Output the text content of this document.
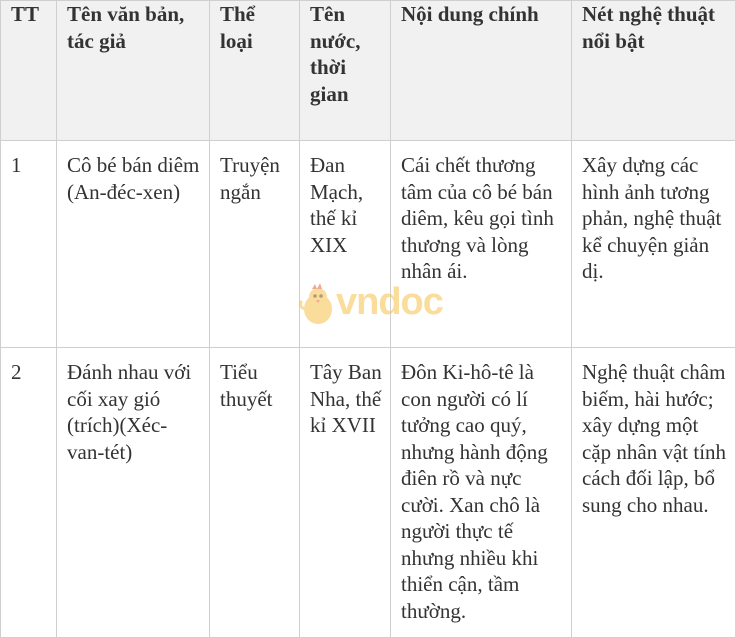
TT	Tên văn bản, tác giả	Thể loại	Tên nước, thời gian	Nội dung chính	Nét nghệ thuật nổi bật
1	Cô bé bán diêm (An-đéc-xen)	Truyện ngắn	Đan Mạch, thế kỉ XIX	Cái chết thương tâm của cô bé bán diêm, kêu gọi tình thương và lòng nhân ái.	Xây dựng các hình ảnh tương phản, nghệ thuật kể chuyện giản dị.
2	Đánh nhau với cối xay gió (trích)(Xéc-van-tét)	Tiểu thuyết	Tây Ban Nha, thế kỉ XVII	Đôn Ki-hô-tê là con người có lí tưởng cao quý, nhưng hành động điên rồ và nực cười. Xan chô là người thực tế nhưng nhiều khi thiển cận, tầm thường.	Nghệ thuật châm biếm, hài hước; xây dựng một cặp nhân vật tính cách đối lập, bổ sung cho nhau.
vndoc
